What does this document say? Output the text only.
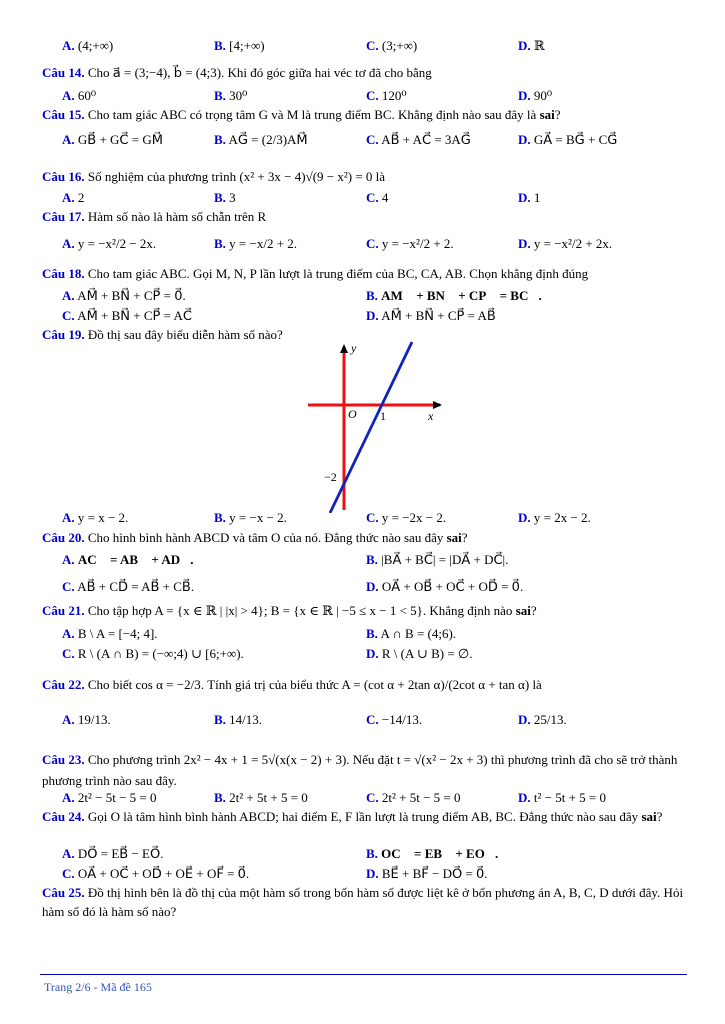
A. (4;+∞)	B. [4;+∞)	C. (3;+∞)	D. ℝ
Câu 14. Cho a⃗ = (3;−4), b⃗ = (4;3). Khi đó góc giữa hai véc tơ đã cho bằng
A. 60⁰	B. 30⁰	C. 120⁰	D. 90⁰
Câu 15. Cho tam giác ABC có trọng tâm G và M là trung điểm BC. Khẳng định nào sau đây là sai?
A. GB⃗ + GC⃗ = GM⃗	B. AG⃗ = (2/3)AM⃗	C. AB⃗ + AC⃗ = 3AG⃗	D. GA⃗ = BG⃗ + CG⃗
Câu 16. Số nghiệm của phương trình (x² + 3x − 4)√(9 − x²) = 0 là
A. 2	B. 3	C. 4	D. 1
Câu 17. Hàm số nào là hàm số chẵn trên R
A. y = −x²/2 − 2x.	B. y = −x/2 + 2.	C. y = −x²/2 + 2.	D. y = −x²/2 + 2x.
Câu 18. Cho tam giác ABC. Gọi M, N, P lần lượt là trung điểm của BC, CA, AB. Chọn khẳng định đúng
A. AM⃗ + BN⃗ + CP⃗ = 0⃗.	B. AM⃗ + BN⃗ + CP⃗ = BC⃗.
C. AM⃗ + BN⃗ + CP⃗ = AC⃗	D. AM⃗ + BN⃗ + CP⃗ = AB⃗
Câu 19. Đồ thị sau đây biểu diễn hàm số nào?
y
O 1	x
−2
A. y = x − 2.	B. y = −x − 2.	C. y = −2x − 2.	D. y = 2x − 2.
Câu 20. Cho hình bình hành ABCD và tâm O của nó. Đẳng thức nào sau đây sai?
A. AC⃗ = AB⃗ + AD⃗.	B. |BA⃗ + BC⃗| = |DA⃗ + DC⃗|.
C. AB⃗ + CD⃗ = AB⃗ + CB⃗.	D. OA⃗ + OB⃗ + OC⃗ + OD⃗ = 0⃗.
Câu 21. Cho tập hợp A = {x ∈ ℝ | |x| > 4}; B = {x ∈ ℝ | −5 ≤ x − 1 < 5}. Khẳng định nào sai?
A. B \ A = [−4; 4].	B. A ∩ B = (4;6).
C. R \ (A ∩ B) = (−∞;4) ∪ [6;+∞).	D. R \ (A ∪ B) = ∅.
Câu 22. Cho biết cos α = −2/3. Tính giá trị của biểu thức A = (cot α + 2tan α)/(2cot α + tan α) là
A. 19/13.	B. 14/13.	C. −14/13.	D. 25/13.
Câu 23. Cho phương trình 2x² − 4x + 1 = 5√(x(x − 2) + 3). Nếu đặt t = √(x² − 2x + 3) thì phương trình đã cho sẽ trở thành phương trình nào sau đây.
A. 2t² − 5t − 5 = 0	B. 2t² + 5t + 5 = 0	C. 2t² + 5t − 5 = 0	D. t² − 5t + 5 = 0
Câu 24. Gọi O là tâm hình bình hành ABCD; hai điểm E, F lần lượt là trung điểm AB, BC. Đẳng thức nào sau đây sai?
A. DO⃗ = EB⃗ − EO⃗.	B. OC⃗ = EB⃗ + EO⃗.
C. OA⃗ + OC⃗ + OD⃗ + OE⃗ + OF⃗ = 0⃗.	D. BE⃗ + BF⃗ − DO⃗ = 0⃗.
Câu 25. Đồ thị hình bên là đồ thị của một hàm số trong bốn hàm số được liệt kê ở bốn phương án A, B, C, D dưới đây. Hỏi hàm số đó là hàm số nào?
Trang 2/6 - Mã đề 165
